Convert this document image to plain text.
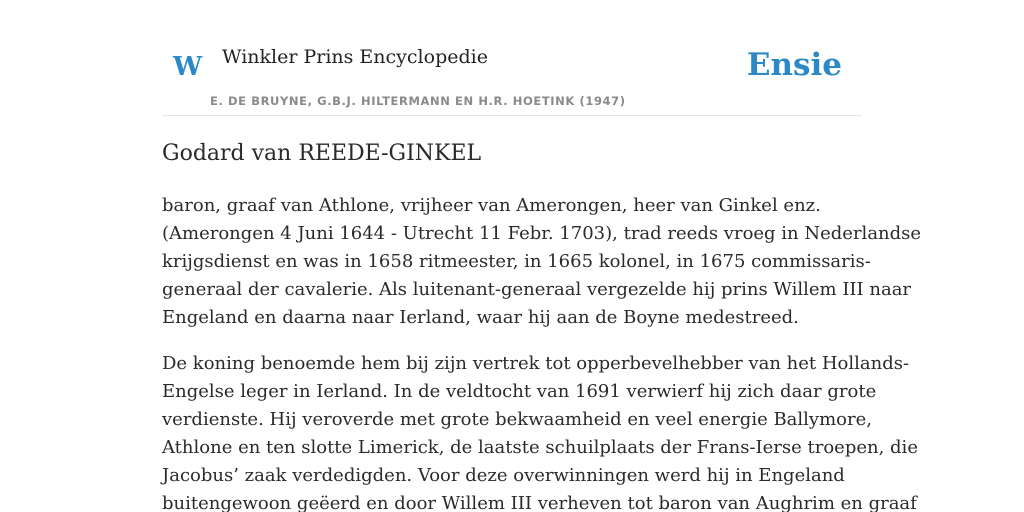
W Winkler Prins Encyclopedie
E. DE BRUYNE, G.B.J. HILTERMANN EN H.R. HOETINK (1947)
Ensie
Godard van REEDE-GINKEL

baron, graaf van Athlone, vrijheer van Amerongen, heer van Ginkel enz.
(Amerongen 4 Juni 1644 - Utrecht 11 Febr. 1703), trad reeds vroeg in Nederlandse
krijgsdienst en was in 1658 ritmeester, in 1665 kolonel, in 1675 commissaris-
generaal der cavalerie. Als luitenant-generaal vergezelde hij prins Willem III naar
Engeland en daarna naar Ierland, waar hij aan de Boyne medestreed.

De koning benoemde hem bij zijn vertrek tot opperbevelhebber van het Hollands-
Engelse leger in Ierland. In de veldtocht van 1691 verwierf hij zich daar grote
verdienste. Hij veroverde met grote bekwaamheid en veel energie Ballymore,
Athlone en ten slotte Limerick, de laatste schuilplaats der Frans-Ierse troepen, die
Jacobus’ zaak verdedigden. Voor deze overwinningen werd hij in Engeland
buitengewoon geëerd en door Willem III verheven tot baron van Aughrim en graaf
